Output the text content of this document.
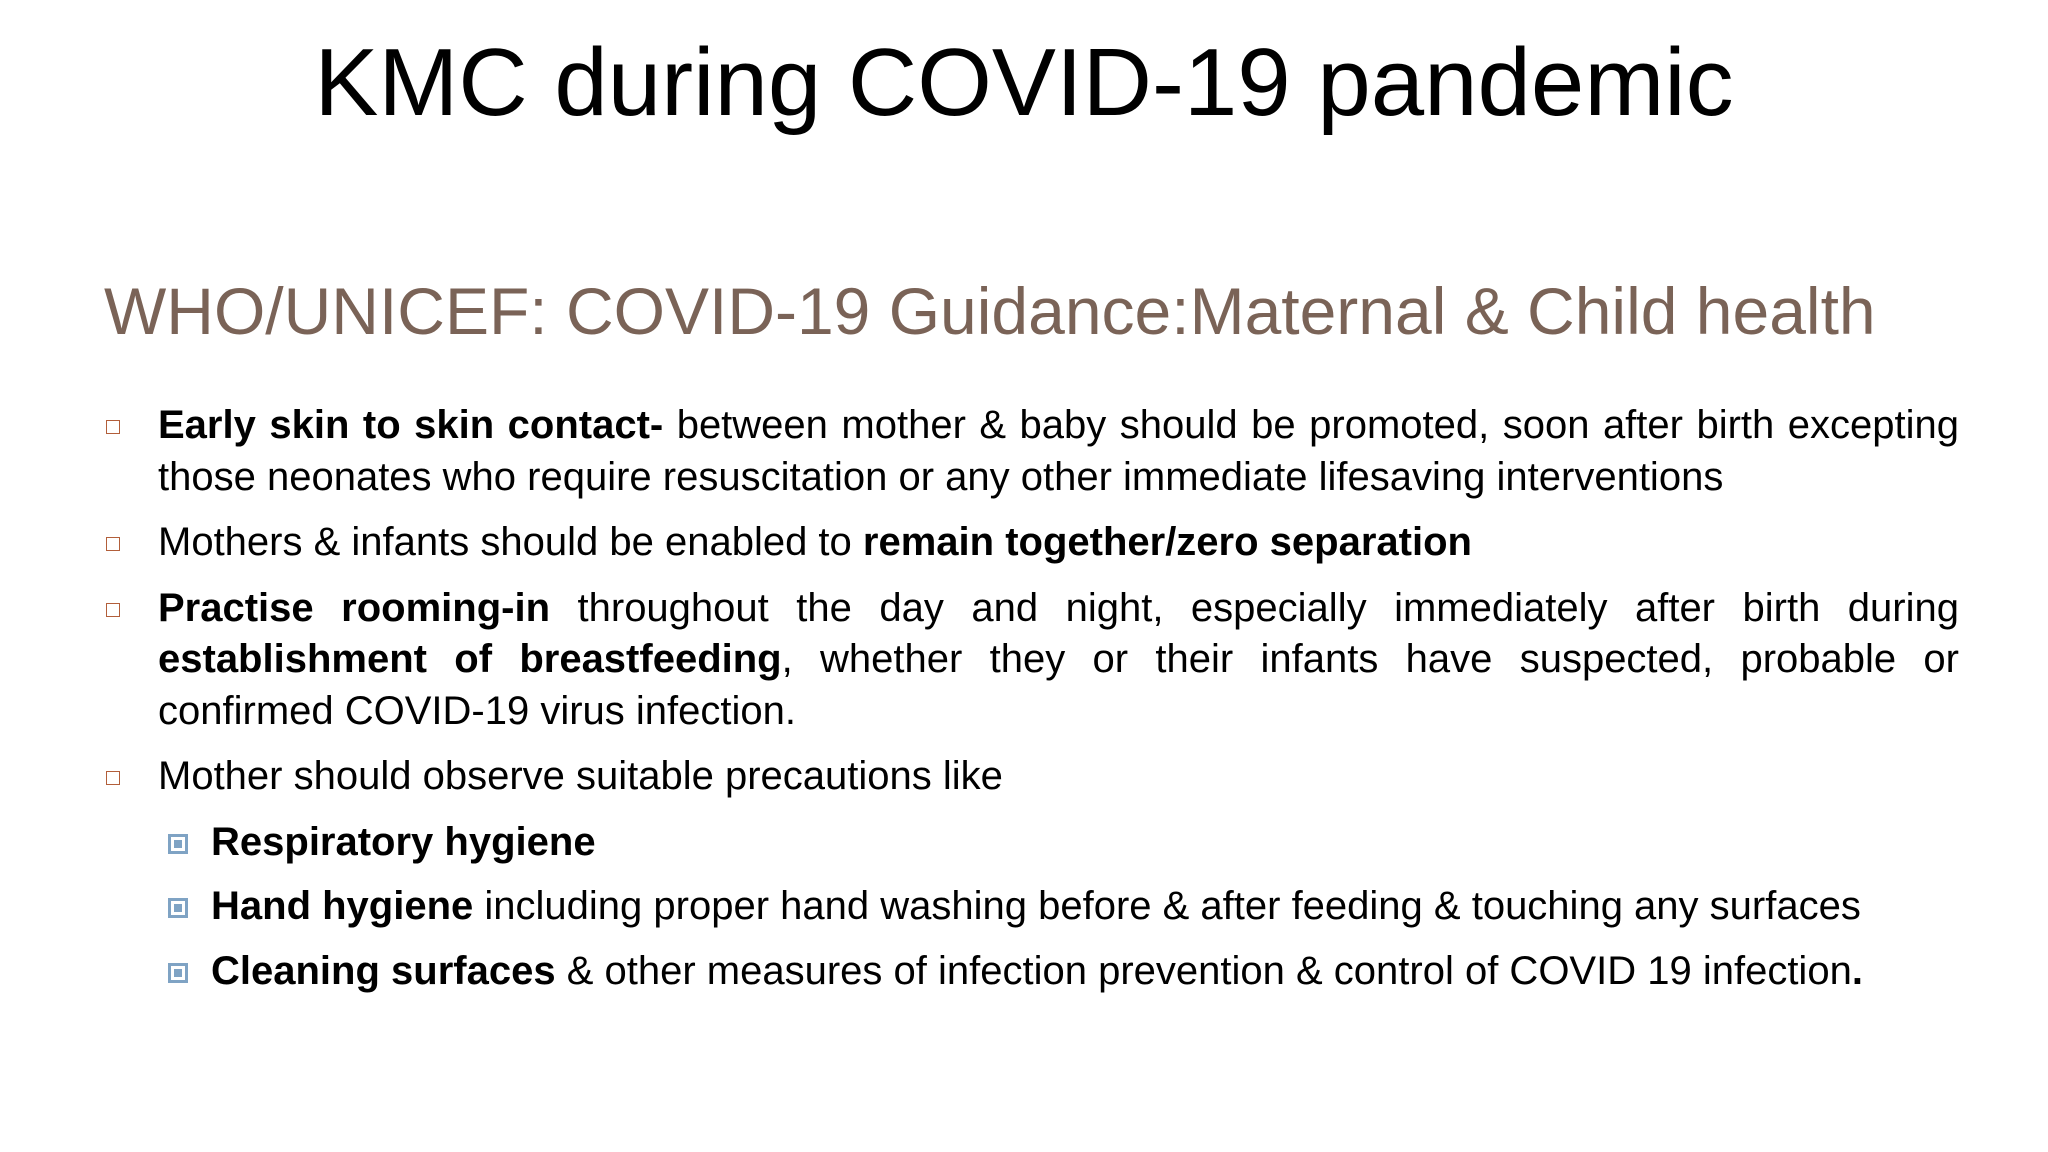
KMC during COVID-19 pandemic
WHO/UNICEF: COVID-19 Guidance:Maternal & Child health

Early skin to skin contact- between mother & baby should be promoted, soon after birth excepting those neonates who require resuscitation or any other immediate lifesaving interventions

Mothers & infants should be enabled to remain together/zero separation

Practise rooming-in throughout the day and night, especially immediately after birth during establishment of breastfeeding, whether they or their infants have suspected, probable or confirmed COVID-19 virus infection.

Mother should observe suitable precautions like

Respiratory hygiene

Hand hygiene including proper hand washing before & after feeding & touching any surfaces

Cleaning surfaces & other measures of infection prevention & control of COVID 19 infection.
